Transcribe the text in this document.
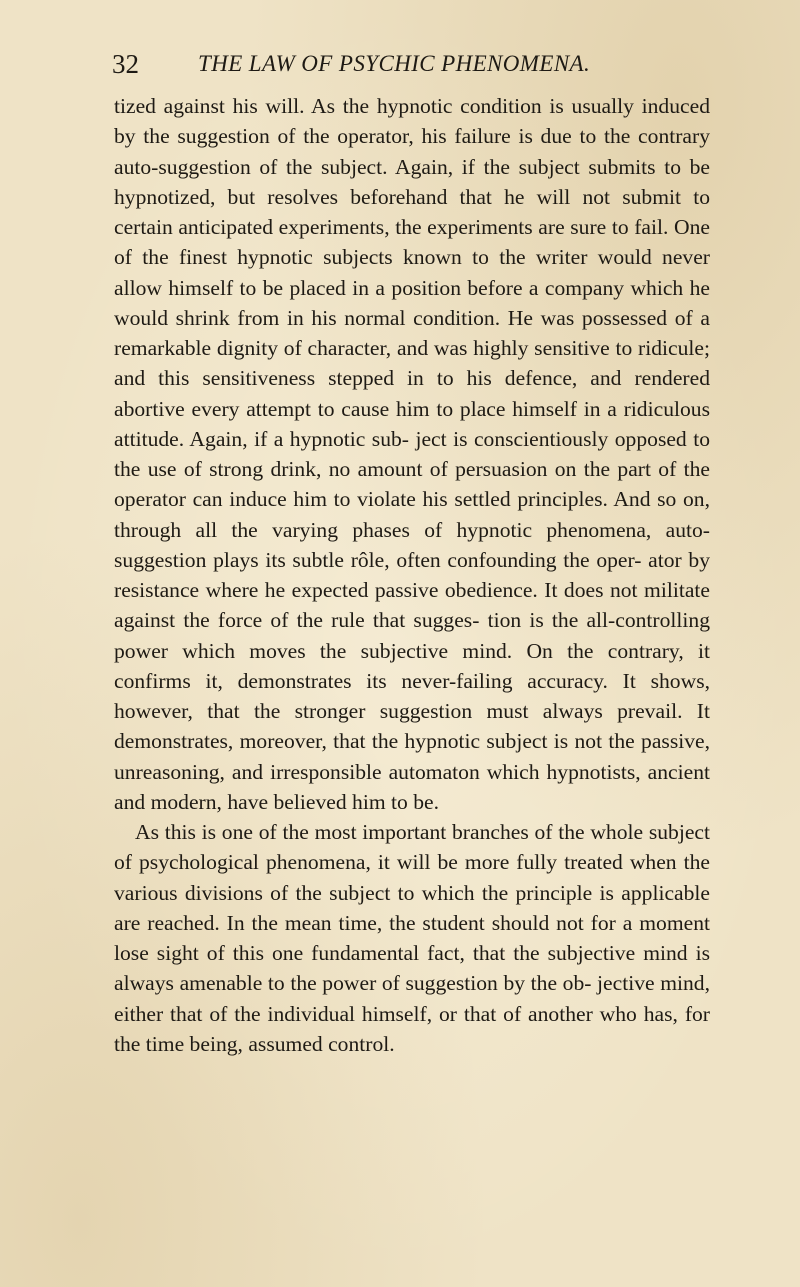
32	THE LAW OF PSYCHIC PHENOMENA.

tized against his will. As the hypnotic condition is usually induced by the suggestion of the operator, his failure is due to the contrary auto-suggestion of the subject. Again, if the subject submits to be hypnotized, but resolves beforehand that he will not submit to certain anticipated experiments, the experiments are sure to fail. One of the finest hypnotic subjects known to the writer would never allow himself to be placed in a position before a company which he would shrink from in his normal condition. He was possessed of a remarkable dignity of character, and was highly sensitive to ridicule; and this sensitiveness stepped in to his defence, and rendered abortive every attempt to cause him to place himself in a ridiculous attitude. Again, if a hypnotic sub- ject is conscientiously opposed to the use of strong drink, no amount of persuasion on the part of the operator can induce him to violate his settled principles. And so on, through all the varying phases of hypnotic phenomena, auto- suggestion plays its subtle rôle, often confounding the oper- ator by resistance where he expected passive obedience. It does not militate against the force of the rule that sugges- tion is the all-controlling power which moves the subjective mind. On the contrary, it confirms it, demonstrates its never-failing accuracy. It shows, however, that the stronger suggestion must always prevail. It demonstrates, moreover, that the hypnotic subject is not the passive, unreasoning, and irresponsible automaton which hypnotists, ancient and modern, have believed him to be.

As this is one of the most important branches of the whole subject of psychological phenomena, it will be more fully treated when the various divisions of the subject to which the principle is applicable are reached. In the mean time, the student should not for a moment lose sight of this one fundamental fact, that the subjective mind is always amenable to the power of suggestion by the ob- jective mind, either that of the individual himself, or that of another who has, for the time being, assumed control.
